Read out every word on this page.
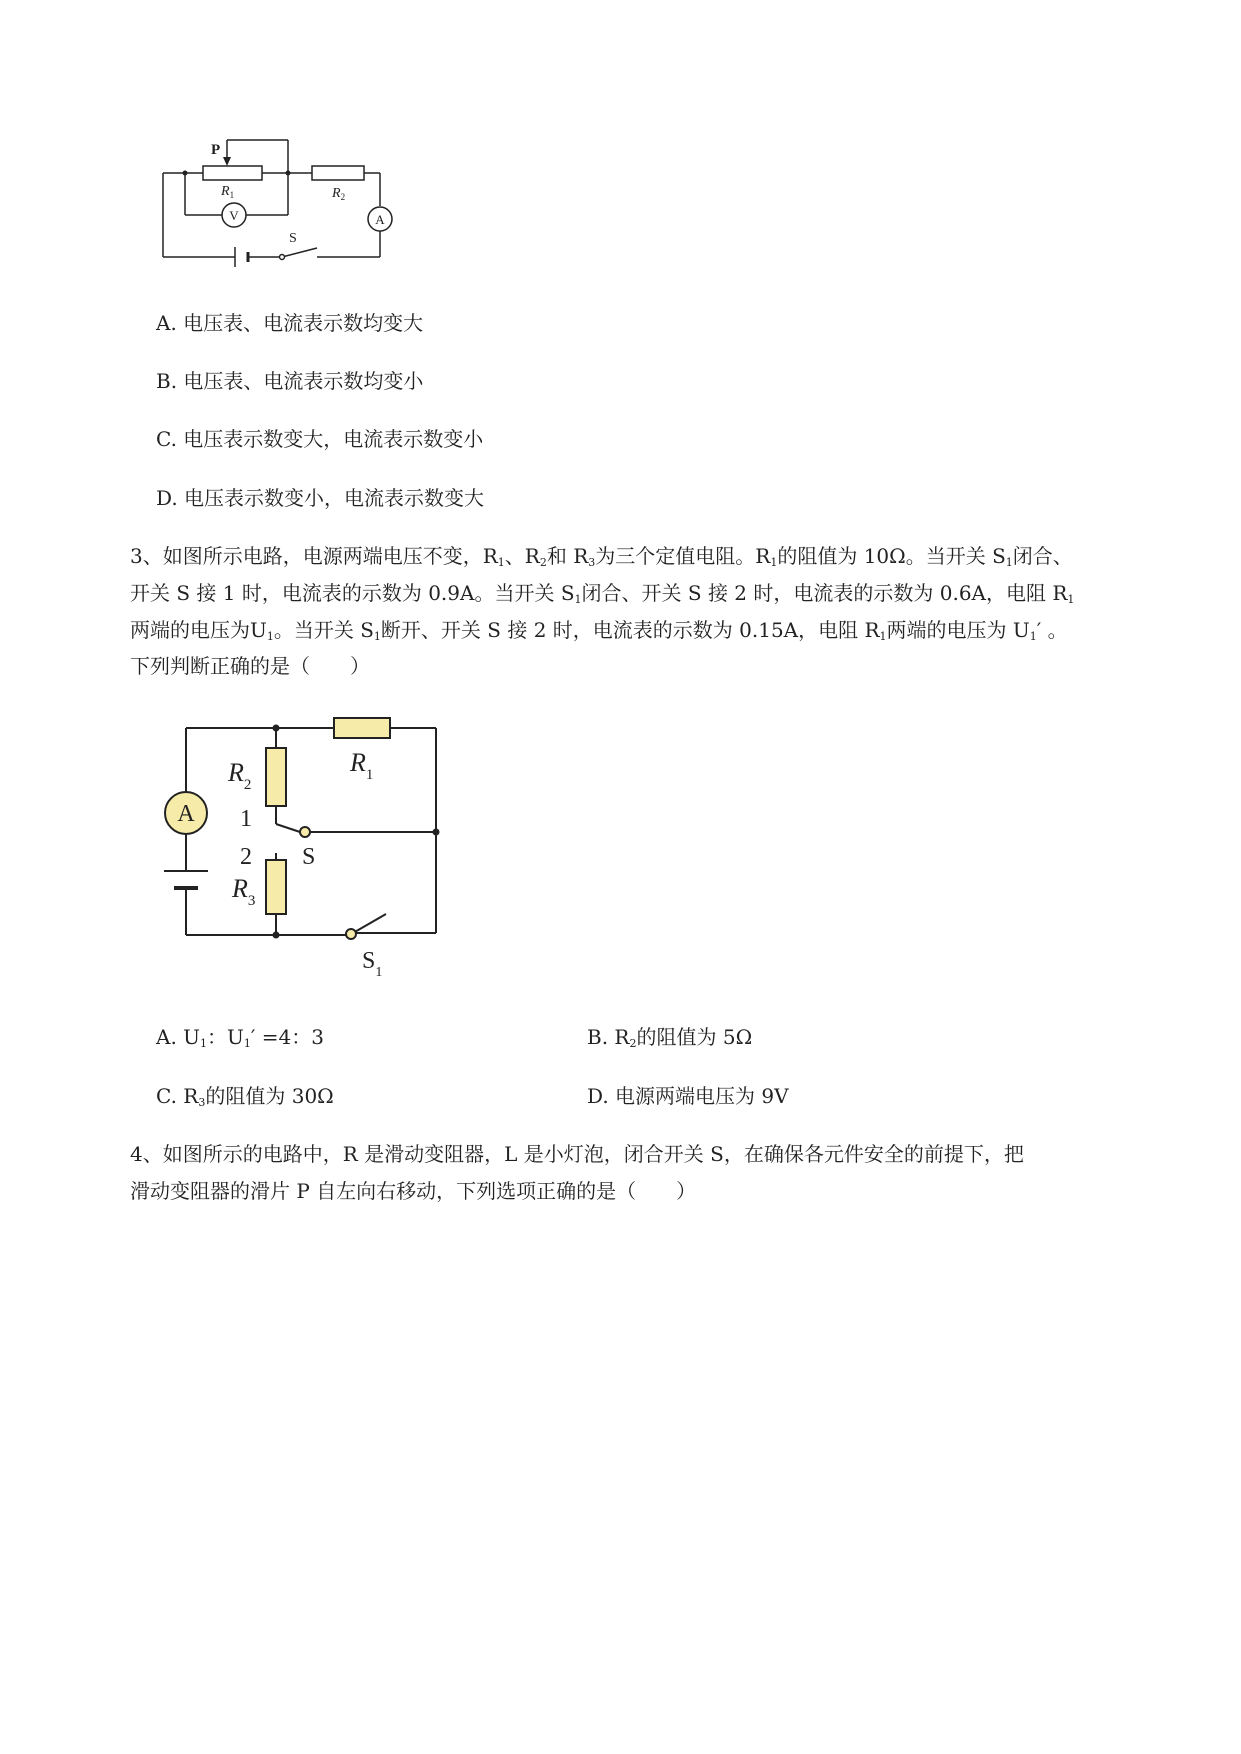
P
$R_1$	$R_2$
V	A
S
A. 电压表、电流表示数均变大
B. 电压表、电流表示数均变小
C. 电压表示数变大，电流表示数变小
D. 电压表示数变小，电流表示数变大
3、如图所示电路，电源两端电压不变，$R_1$、$R_2$和 $R_3$为三个定值电阻。$R_1$的阻值为 10Ω。当开关 $S_1$闭合、
开关 S 接 1 时，电流表的示数为 0.9A。当开关 $S_1$闭合、开关 S 接 2 时，电流表的示数为 0.6A，电阻 $R_1$
两端的电压为$U_1$。当开关 $S_1$断开、开关 S 接 2 时，电流表的示数为 0.15A，电阻 $R_1$两端的电压为 $U_1'$ 。
下列判断正确的是（　　）
A
$R_1$
$R_2$
$R_3$
1
2 S
$S_1$
A. $U_1$：$U_1' =4$：3	B. $R_2$的阻值为 5Ω
C. $R_3$的阻值为 30Ω	D. 电源两端电压为 9V
4、如图所示的电路中，R 是滑动变阻器，L 是小灯泡，闭合开关 S，在确保各元件安全的前提下，把
滑动变阻器的滑片 P 自左向右移动，下列选项正确的是（　　）
